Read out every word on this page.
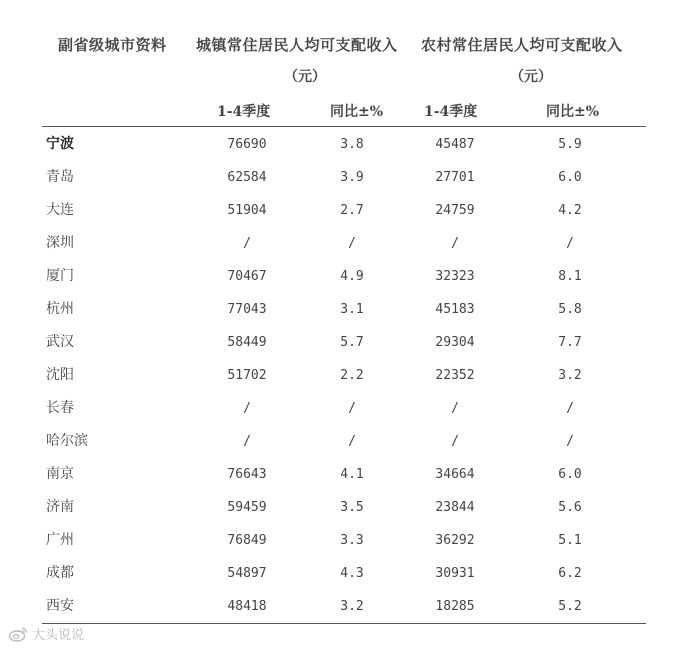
副省级城市资料 城镇常住居民人均可支配收入 农村常住居民人均可支配收入
（元）	（元）
1-4季度	同比±%	1-4季度	同比±%
宁波	76690	3.8	45487	5.9
青岛	62584	3.9	27701	6.0
大连	51904	2.7	24759	4.2
深圳	/	/	/	/
厦门	70467	4.9	32323	8.1
杭州	77043	3.1	45183	5.8
武汉	58449	5.7	29304	7.7
沈阳	51702	2.2	22352	3.2
长春	/	/	/	/
哈尔滨	/	/	/	/
南京	76643	4.1	34664	6.0
济南	59459	3.5	23844	5.6
广州	76849	3.3	36292	5.1
成都	54897	4.3	30931	6.2
西安	48418	3.2	18285	5.2
大头说说
